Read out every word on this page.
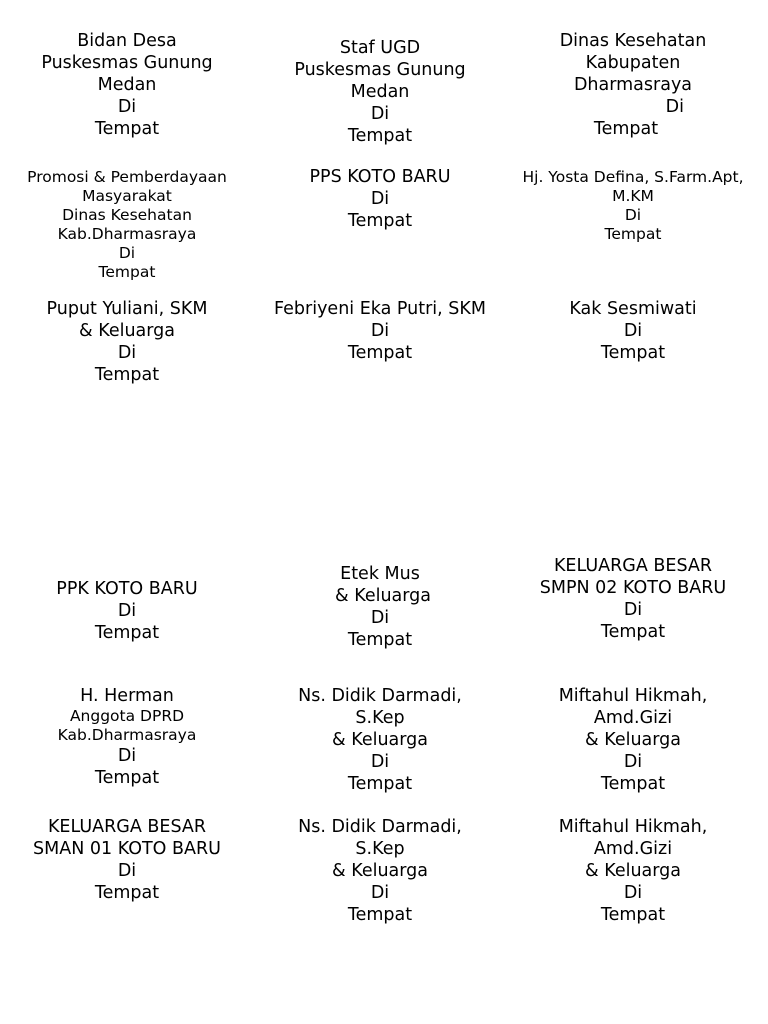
Bidan Desa
Puskesmas Gunung
Medan
Di
Tempat
Staf UGD
Puskesmas Gunung
Medan
Di
Tempat
Dinas Kesehatan
Kabupaten
Dharmasraya
Di
Tempat
Promosi & Pemberdayaan
Masyarakat
Dinas Kesehatan
Kab.Dharmasraya
Di
Tempat
PPS KOTO BARU
Di
Tempat
Hj. Yosta Defina, S.Farm.Apt,
M.KM
Di
Tempat
Puput Yuliani, SKM
& Keluarga
Di
Tempat
Febriyeni Eka Putri, SKM
Di
Tempat
Kak Sesmiwati
Di
Tempat
PPK KOTO BARU
Di
Tempat
Etek Mus
& Keluarga
Di
Tempat
KELUARGA BESAR
SMPN 02 KOTO BARU
Di
Tempat
H. Herman
Anggota DPRD
Kab.Dharmasraya
Di
Tempat
Ns. Didik Darmadi,
S.Kep
& Keluarga
Di
Tempat
Miftahul Hikmah,
Amd.Gizi
& Keluarga
Di
Tempat
KELUARGA BESAR
SMAN 01 KOTO BARU
Di
Tempat
Ns. Didik Darmadi,
S.Kep
& Keluarga
Di
Tempat
Miftahul Hikmah,
Amd.Gizi
& Keluarga
Di
Tempat
